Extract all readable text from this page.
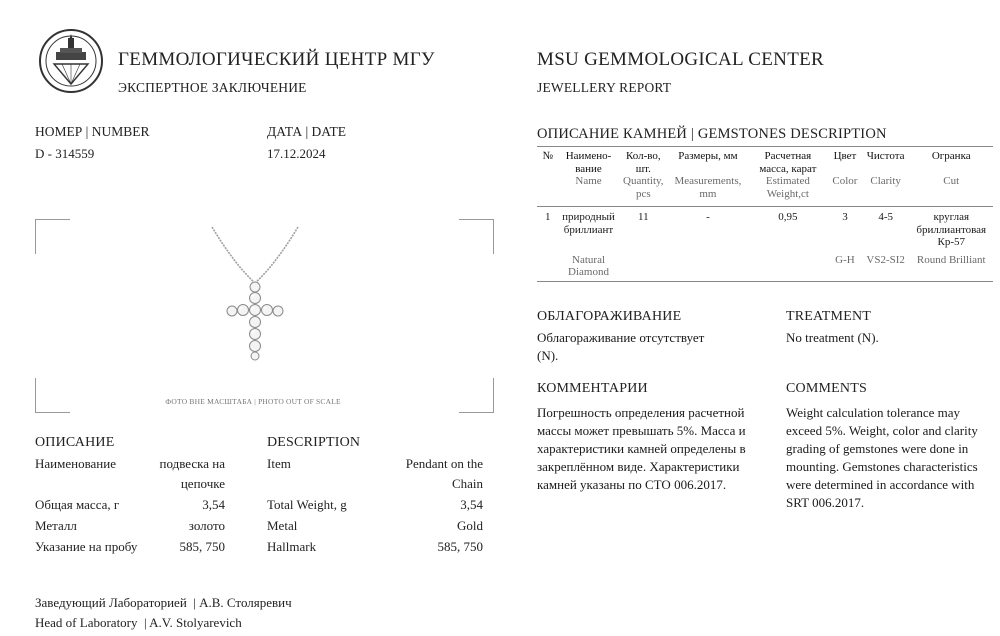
ГЕММОЛОГИЧЕСКИЙ ЦЕНТР МГУ
ЭКСПЕРТНОЕ ЗАКЛЮЧЕНИЕ
MSU GEMMOLOGICAL CENTER
JEWELLERY REPORT
НОМЕР | NUMBER
D - 314559
ДАТА | DATE
17.12.2024
ФОТО ВНЕ МАСШТАБА | PHOTO OUT OF SCALE
ОПИСАНИЕ
Наименование	подвеска на
цепочке
Общая масса, г	3,54
Металл	золото
Указание на пробу	585, 750
DESCRIPTION
Item	Pendant on the
Chain
Total Weight, g	3,54
Metal	Gold
Hallmark	585, 750
Заведующий Лабораторией  | А.В. Столяревич
Head of Laboratory  | A.V. Stolyarevich
ОПИСАНИЕ КАМНЕЙ | GEMSTONES DESCRIPTION
№	Наимено-вание	Кол-во, шт.	Размеры, мм	Расчетная масса, карат	Цвет	Чистота	Огранка
	Name	Quantity, pcs	Measurements, mm	Estimated Weight,ct	Color	Clarity	Cut

1	природный бриллиант	11	-	0,95	3	4-5	круглая бриллиантовая Кр-57
	Natural Diamond				G-H	VS2-SI2	Round Brilliant

ОБЛАГОРАЖИВАНИЕ
Облагораживание отсутствует (N).
TREATMENT
No treatment (N).
КОММЕНТАРИИ
Погрешность определения расчетной массы может превышать 5%. Масса и характеристики камней определены в закреплённом виде. Характеристики камней указаны по СТО 006.2017.
COMMENTS
Weight calculation tolerance may exceed 5%. Weight, color and clarity grading of gemstones were done in mounting. Gemstones characteristics were determined in accordance with SRT 006.2017.
